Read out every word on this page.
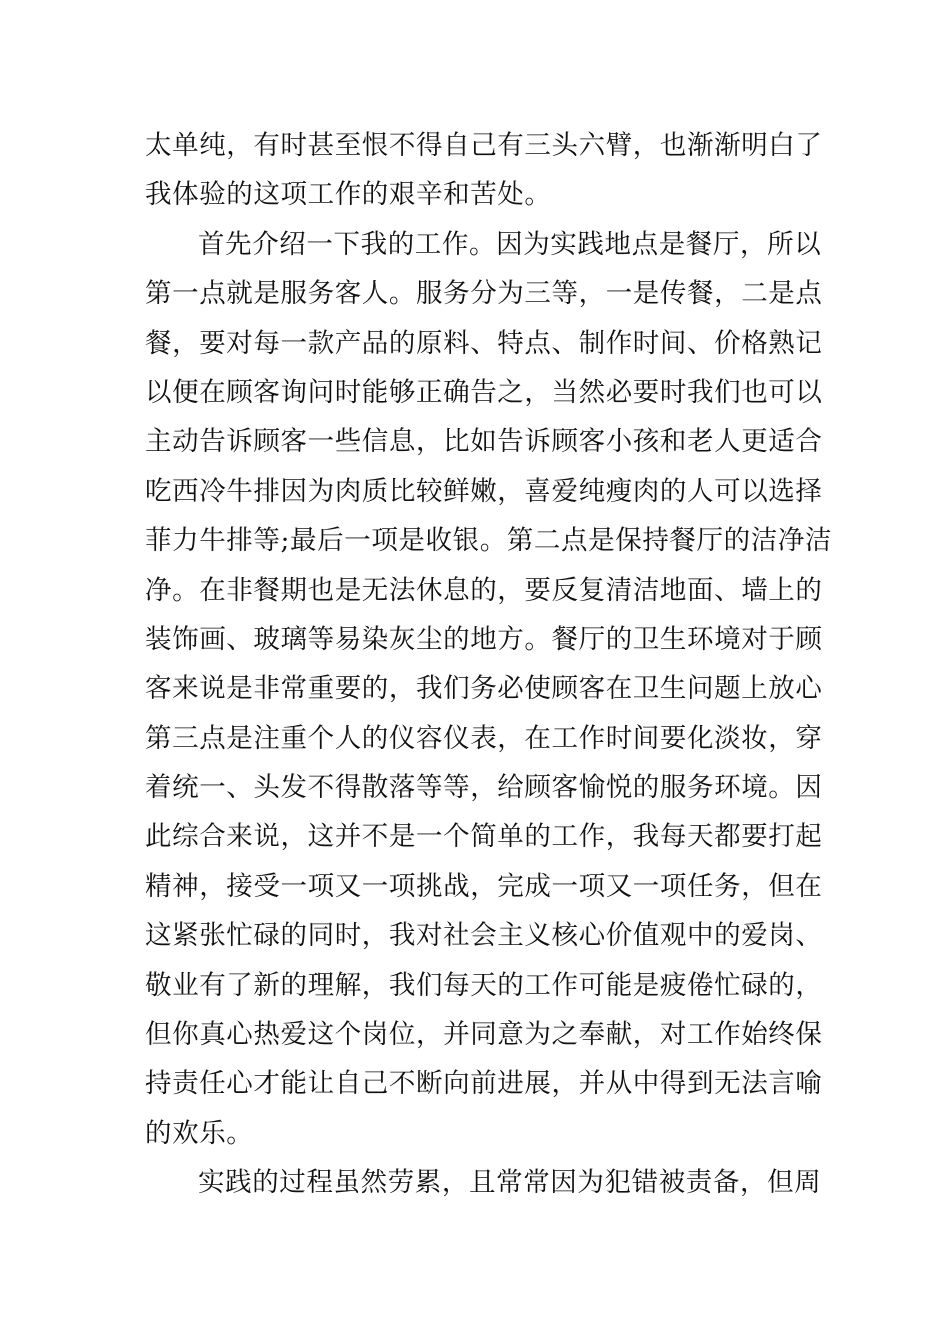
太单纯，有时甚至恨不得自己有三头六臂，也渐渐明白了
我体验的这项工作的艰辛和苦处。
首先介绍一下我的工作。因为实践地点是餐厅，所以
第一点就是服务客人。服务分为三等，一是传餐，二是点
餐，要对每一款产品的原料、特点、制作时间、价格熟记
以便在顾客询问时能够正确告之，当然必要时我们也可以
主动告诉顾客一些信息，比如告诉顾客小孩和老人更适合
吃西冷牛排因为肉质比较鲜嫩，喜爱纯瘦肉的人可以选择
菲力牛排等;最后一项是收银。第二点是保持餐厅的洁净洁
净。在非餐期也是无法休息的，要反复清洁地面、墙上的
装饰画、玻璃等易染灰尘的地方。餐厅的卫生环境对于顾
客来说是非常重要的，我们务必使顾客在卫生问题上放心
第三点是注重个人的仪容仪表，在工作时间要化淡妆，穿
着统一、头发不得散落等等，给顾客愉悦的服务环境。因
此综合来说，这并不是一个简单的工作，我每天都要打起
精神，接受一项又一项挑战，完成一项又一项任务，但在
这紧张忙碌的同时，我对社会主义核心价值观中的爱岗、
敬业有了新的理解，我们每天的工作可能是疲倦忙碌的，
但你真心热爱这个岗位，并同意为之奉献，对工作始终保
持责任心才能让自己不断向前进展，并从中得到无法言喻
的欢乐。
实践的过程虽然劳累，且常常因为犯错被责备，但周
